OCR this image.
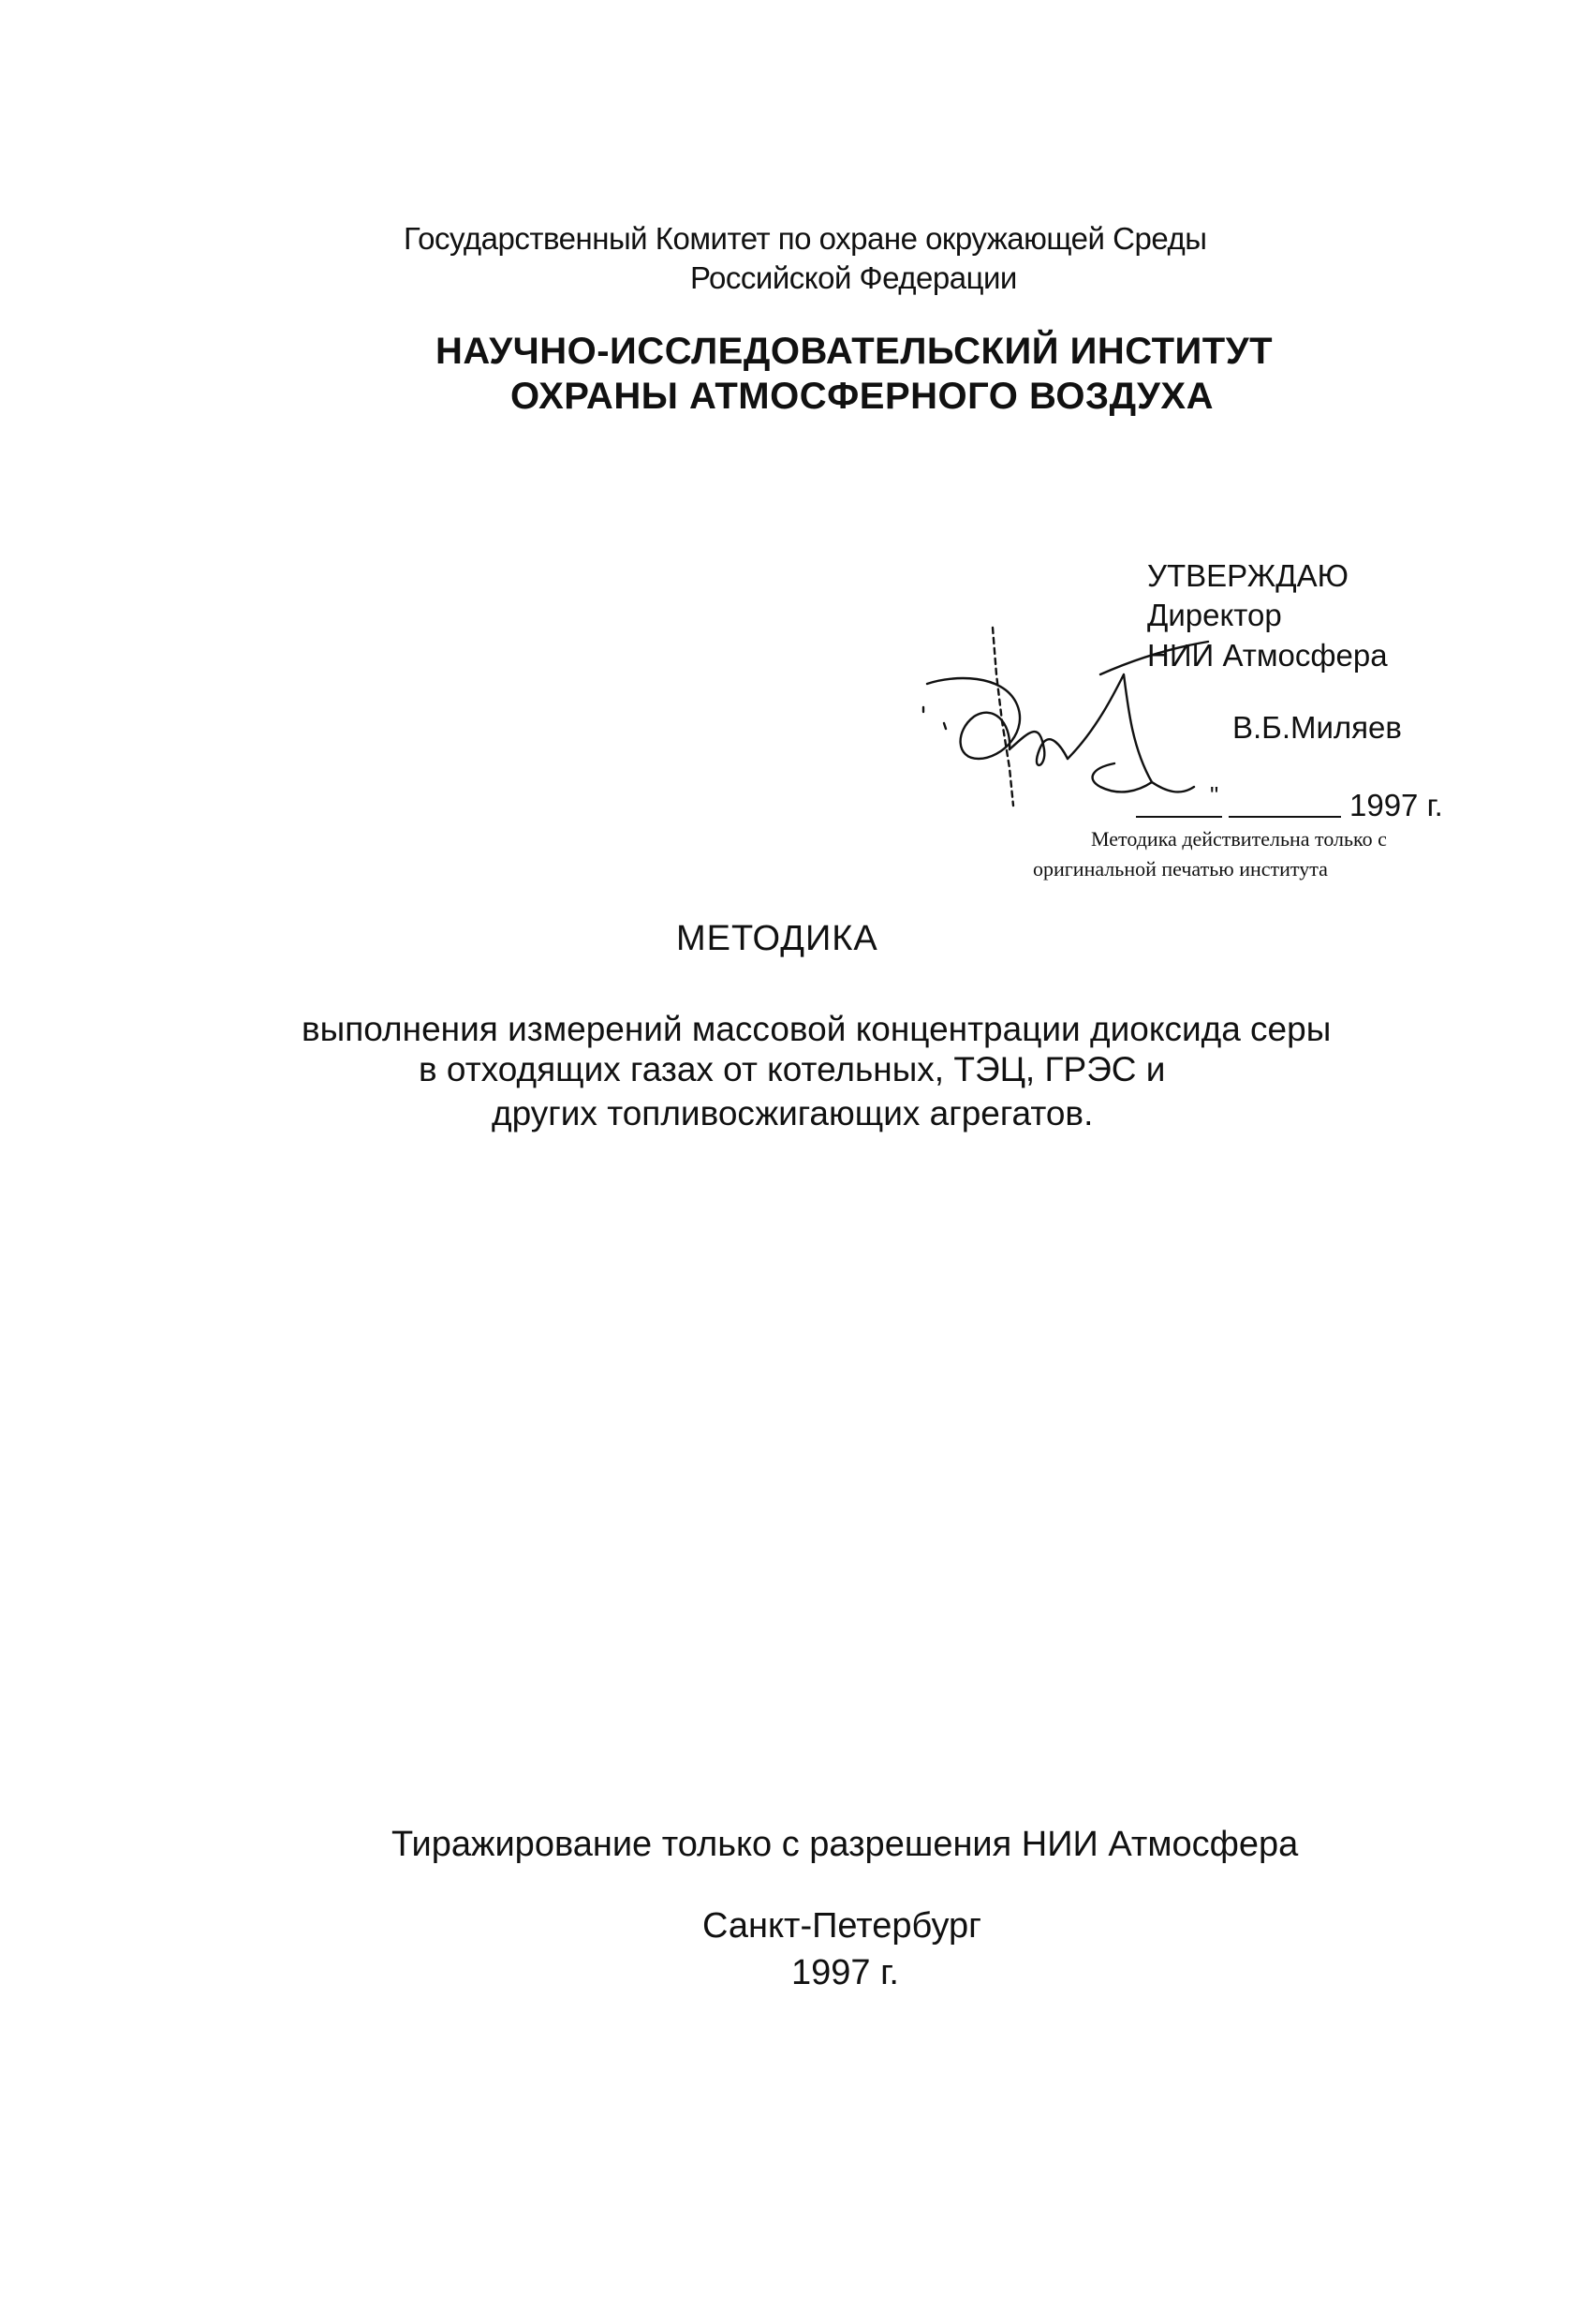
Государственный Комитет по охране окружающей Среды
Российской Федерации
НАУЧНО-ИССЛЕДОВАТЕЛЬСКИЙ ИНСТИТУТ
ОХРАНЫ АТМОСФЕРНОГО ВОЗДУХА
УТВЕРЖДАЮ
Директор
НИИ Атмосфера
В.Б.Миляев
"	1997 г.
Методика действительна только с
оригинальной печатью института
МЕТОДИКА
выполнения измерений массовой концентрации диоксида серы
в отходящих газах от котельных, ТЭЦ, ГРЭС и
других топливосжигающих агрегатов.
Тиражирование только с разрешения НИИ Атмосфера
Санкт-Петербург
1997 г.
